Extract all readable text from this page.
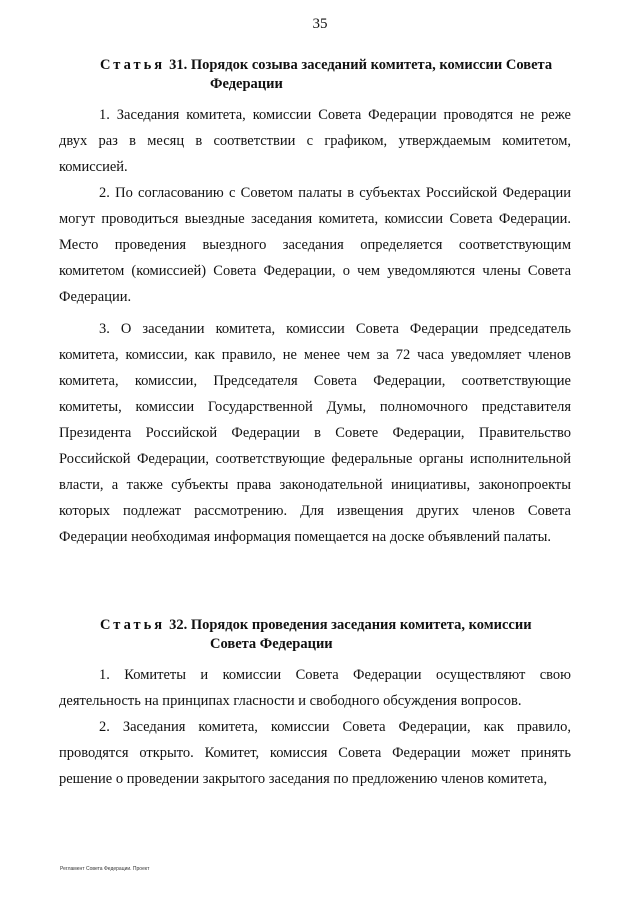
35
Статья 31. Порядок созыва заседаний комитета, комиссии Совета
Федерации

1. Заседания комитета, комиссии Совета Федерации проводятся не реже двух раз в месяц в соответствии с графиком, утверждаемым комитетом, комиссией.

2. По согласованию с Советом палаты в субъектах Российской Федерации могут проводиться выездные заседания комитета, комиссии Совета Федерации. Место проведения выездного заседания определяется соответствующим комитетом (комиссией) Совета Федерации, о чем уведомляются члены Совета Федерации.

3. О заседании комитета, комиссии Совета Федерации председатель комитета, комиссии, как правило, не менее чем за 72 часа уведомляет членов комитета, комиссии, Председателя Совета Федерации, соответствующие комитеты, комиссии Государственной Думы, полномочного представителя Президента Российской Федерации в Совете Федерации, Правительство Российской Федерации, соответствующие федеральные органы исполнительной власти, а также субъекты права законодательной инициативы, законопроекты которых подлежат рассмотрению. Для извещения других членов Совета Федерации необходимая информация помещается на доске объявлений палаты.

Статья 32. Порядок проведения заседания комитета, комиссии
Совета Федерации

1. Комитеты и комиссии Совета Федерации осуществляют свою деятельность на принципах гласности и свободного обсуждения вопросов.

2. Заседания комитета, комиссии Совета Федерации, как правило, проводятся открыто. Комитет, комиссия Совета Федерации может принять решение о проведении закрытого заседания по предложению членов комитета,

Регламент Совета Федерации. Проект
